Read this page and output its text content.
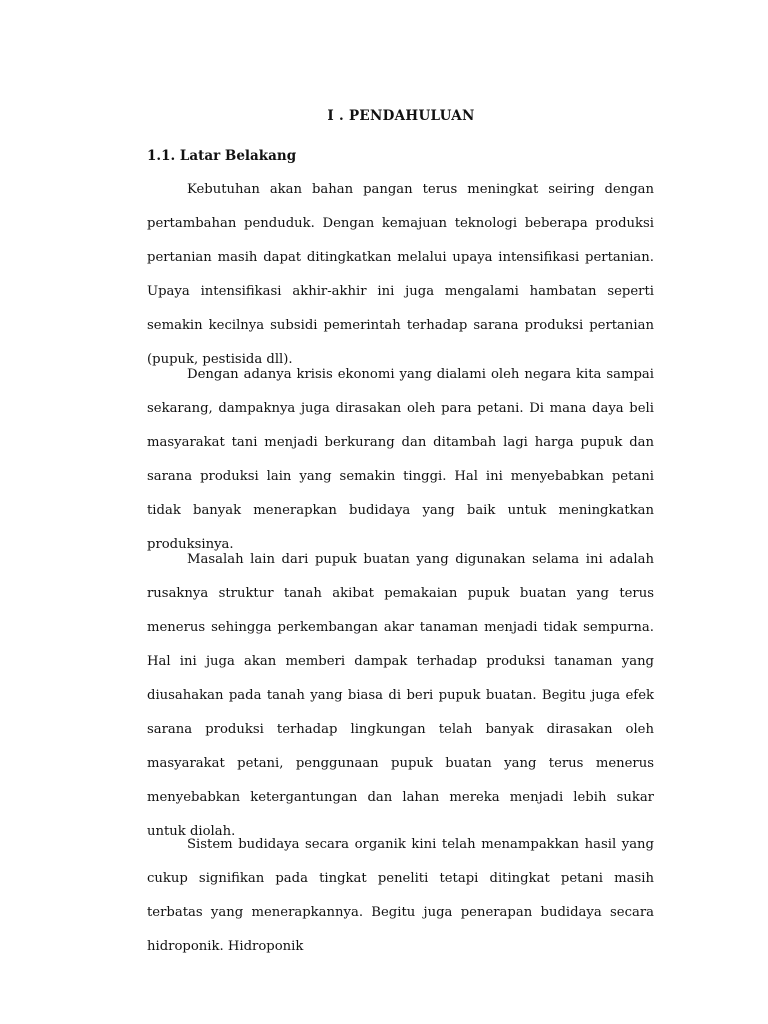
I . PENDAHULUAN
1.1. Latar Belakang

Kebutuhan akan bahan pangan terus meningkat seiring dengan pertambahan penduduk. Dengan kemajuan teknologi beberapa produksi pertanian masih dapat ditingkatkan melalui upaya intensifikasi pertanian. Upaya intensifikasi akhir-akhir ini juga mengalami hambatan seperti semakin kecilnya subsidi pemerintah terhadap sarana produksi pertanian (pupuk, pestisida dll).

Dengan adanya krisis ekonomi yang dialami oleh negara kita sampai sekarang, dampaknya juga dirasakan oleh para petani. Di mana daya beli masyarakat tani menjadi berkurang dan ditambah lagi harga pupuk dan sarana produksi lain yang semakin tinggi. Hal ini menyebabkan petani tidak banyak menerapkan budidaya yang baik untuk meningkatkan produksinya.

Masalah lain dari pupuk buatan yang digunakan selama ini adalah rusaknya struktur tanah akibat pemakaian pupuk buatan yang terus menerus sehingga perkembangan akar tanaman menjadi tidak sempurna. Hal ini juga akan memberi dampak terhadap produksi tanaman yang diusahakan pada tanah yang biasa di beri pupuk buatan. Begitu juga efek sarana produksi terhadap lingkungan telah banyak dirasakan oleh masyarakat petani, penggunaan pupuk buatan yang terus menerus menyebabkan ketergantungan dan lahan mereka menjadi lebih sukar untuk diolah.

Sistem budidaya secara organik kini telah menampakkan hasil yang cukup signifikan pada tingkat peneliti tetapi ditingkat petani masih terbatas yang menerapkannya. Begitu juga penerapan budidaya secara hidroponik. Hidroponik
